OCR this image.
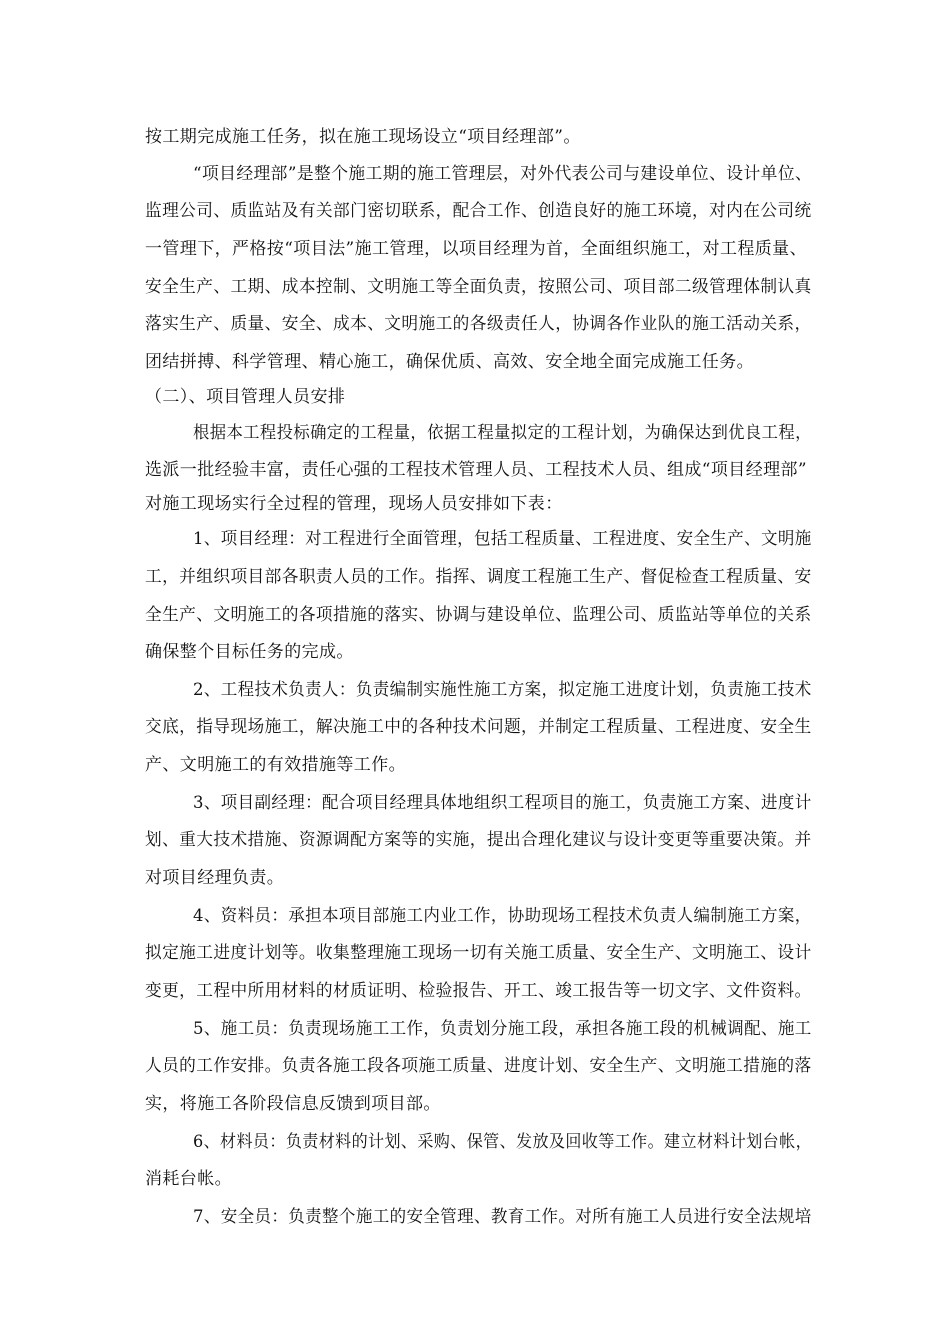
按工期完成施工任务，拟在施工现场设立“项目经理部”。
“项目经理部”是整个施工期的施工管理层，对外代表公司与建设单位、设计单位、
监理公司、质监站及有关部门密切联系，配合工作、创造良好的施工环境，对内在公司统
一管理下，严格按“项目法”施工管理，以项目经理为首，全面组织施工，对工程质量、
安全生产、工期、成本控制、文明施工等全面负责，按照公司、项目部二级管理体制认真
落实生产、质量、安全、成本、文明施工的各级责任人，协调各作业队的施工活动关系，
团结拼搏、科学管理、精心施工，确保优质、高效、安全地全面完成施工任务。
（二）、项目管理人员安排
根据本工程投标确定的工程量，依据工程量拟定的工程计划，为确保达到优良工程，
选派一批经验丰富，责任心强的工程技术管理人员、工程技术人员、组成“项目经理部”
对施工现场实行全过程的管理，现场人员安排如下表：
1、项目经理：对工程进行全面管理，包括工程质量、工程进度、安全生产、文明施
工，并组织项目部各职责人员的工作。指挥、调度工程施工生产、督促检查工程质量、安
全生产、文明施工的各项措施的落实、协调与建设单位、监理公司、质监站等单位的关系
确保整个目标任务的完成。
2、工程技术负责人：负责编制实施性施工方案，拟定施工进度计划，负责施工技术
交底，指导现场施工，解决施工中的各种技术问题，并制定工程质量、工程进度、安全生
产、文明施工的有效措施等工作。
3、项目副经理：配合项目经理具体地组织工程项目的施工，负责施工方案、进度计
划、重大技术措施、资源调配方案等的实施，提出合理化建议与设计变更等重要决策。并
对项目经理负责。
4、资料员：承担本项目部施工内业工作，协助现场工程技术负责人编制施工方案，
拟定施工进度计划等。收集整理施工现场一切有关施工质量、安全生产、文明施工、设计
变更，工程中所用材料的材质证明、检验报告、开工、竣工报告等一切文字、文件资料。
5、施工员：负责现场施工工作，负责划分施工段，承担各施工段的机械调配、施工
人员的工作安排。负责各施工段各项施工质量、进度计划、安全生产、文明施工措施的落
实，将施工各阶段信息反馈到项目部。
6、材料员：负责材料的计划、采购、保管、发放及回收等工作。建立材料计划台帐，
消耗台帐。
7、安全员：负责整个施工的安全管理、教育工作。对所有施工人员进行安全法规培
